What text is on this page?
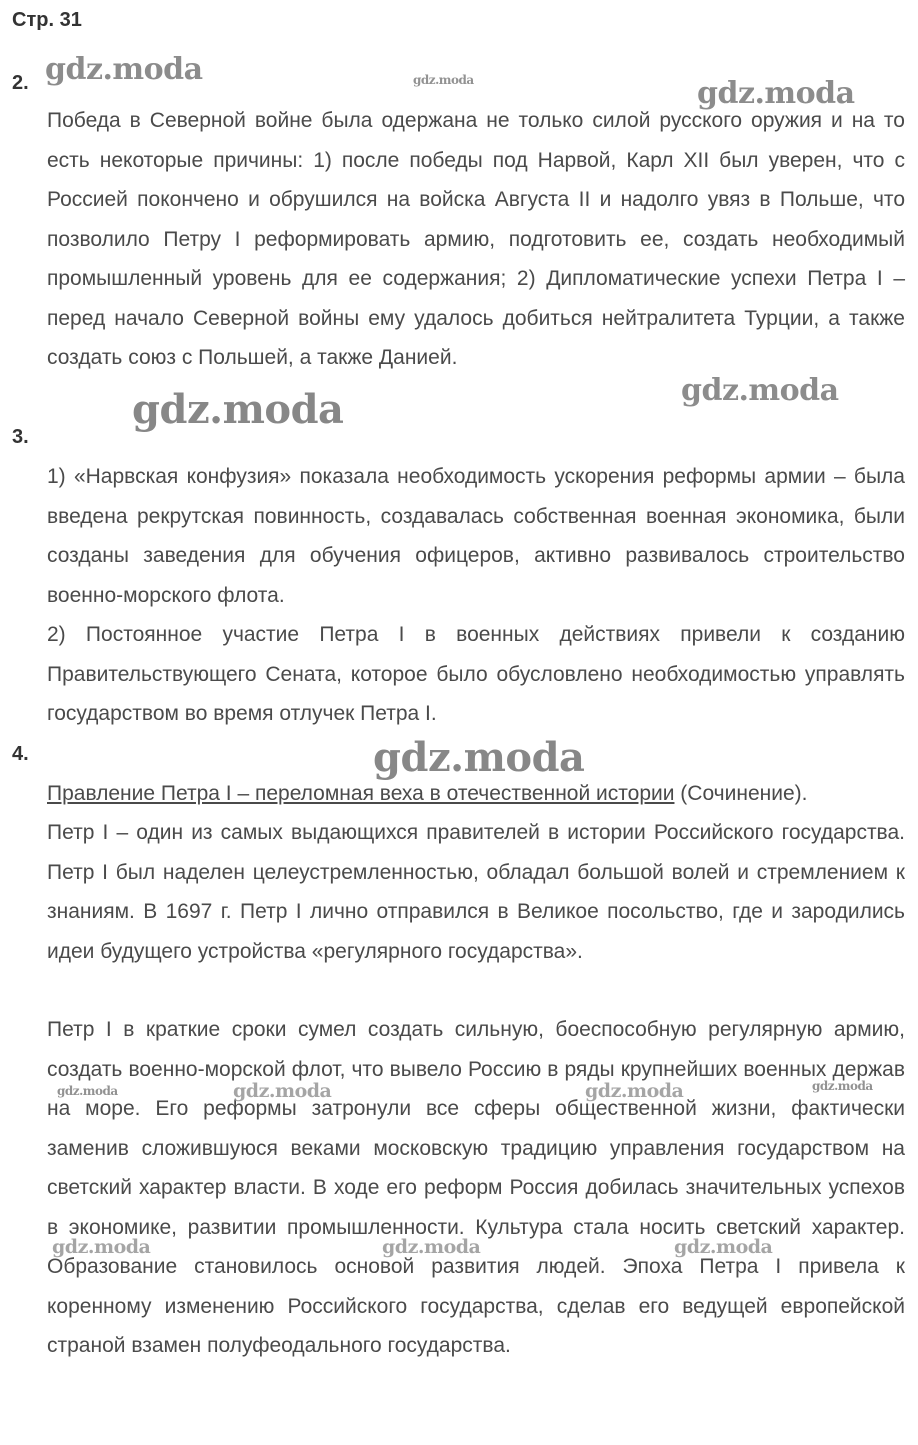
Стр. 31
2.
Победа в Северной войне была одержана не только силой русского оружия и на то есть некоторые причины: 1) после победы под Нарвой, Карл XII был уверен, что с Россией покончено и обрушился на войска Августа II и надолго увяз в Польше, что позволило Петру I реформировать армию, подготовить ее, создать необходимый промышленный уровень для ее содержания; 2) Дипломатические успехи Петра I – перед начало Северной войны ему удалось добиться нейтралитета Турции, а также создать союз с Польшей, а также Данией.
3.
1) «Нарвская конфузия» показала необходимость ускорения реформы армии – была введена рекрутская повинность, создавалась собственная военная экономика, были созданы заведения для обучения офицеров, активно развивалось строительство военно-морского флота.
2) Постоянное участие Петра I в военных действиях привели к созданию Правительствующего Сената, которое было обусловлено необходимостью управлять государством во время отлучек Петра I.
4.
Правление Петра I – переломная веха в отечественной истории (Сочинение).
Петр I – один из самых выдающихся правителей в истории Российского государства. Петр I был наделен целеустремленностью, обладал большой волей и стремлением к знаниям. В 1697 г. Петр I лично отправился в Великое посольство, где и зародились идеи будущего устройства «регулярного государства».
Петр I в краткие сроки сумел создать сильную, боеспособную регулярную армию, создать военно-морской флот, что вывело Россию в ряды крупнейших военных держав на море. Его реформы затронули все сферы общественной жизни, фактически заменив сложившуюся веками московскую традицию управления государством на светский характер власти. В ходе его реформ Россия добилась значительных успехов в экономике, развитии промышленности. Культура стала носить светский характер. Образование становилось основой развития людей. Эпоха Петра I привела к коренному изменению Российского государства, сделав его ведущей европейской страной взамен полуфеодального государства.
gdz.moda	gdz.moda	gdz.moda
gdz.moda	gdz.moda
gdz.moda
gdz.moda	gdz.moda	gdz.moda	gdz.moda
gdz.moda	gdz.moda	gdz.moda
